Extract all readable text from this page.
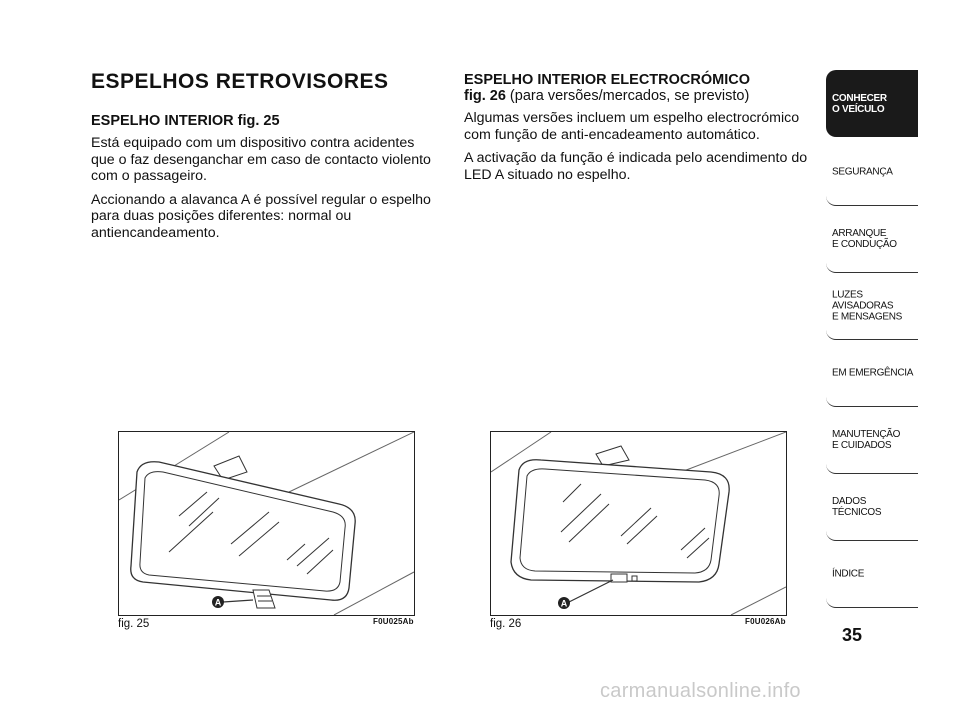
ESPELHOS RETROVISORES
ESPELHO INTERIOR fig. 25

Está equipado com um dispositivo contra acidentes que o faz desenganchar em caso de contacto violento com o passageiro.

Accionando a alavanca A é possível regular o espelho para duas posições diferentes: normal ou antiencandeamento.

ESPELHO INTERIOR ELECTROCRÓMICO
fig. 26 (para versões/mercados, se previsto)

Algumas versões incluem um espelho electrocrómico com função de anti-encadeamento automático.

A activação da função é indicada pelo acendimento do LED A situado no espelho.

A
fig. 25	F0U025Ab
A
fig. 26	F0U026Ab
CONHECER
O VEÍCULO
SEGURANÇA
ARRANQUE
E CONDUÇÃO
LUZES
AVISADORAS
E MENSAGENS
EM EMERGÊNCIA
MANUTENÇÃO
E CUIDADOS
DADOS
TÉCNICOS
ÍNDICE
35
carmanualsonline.info
